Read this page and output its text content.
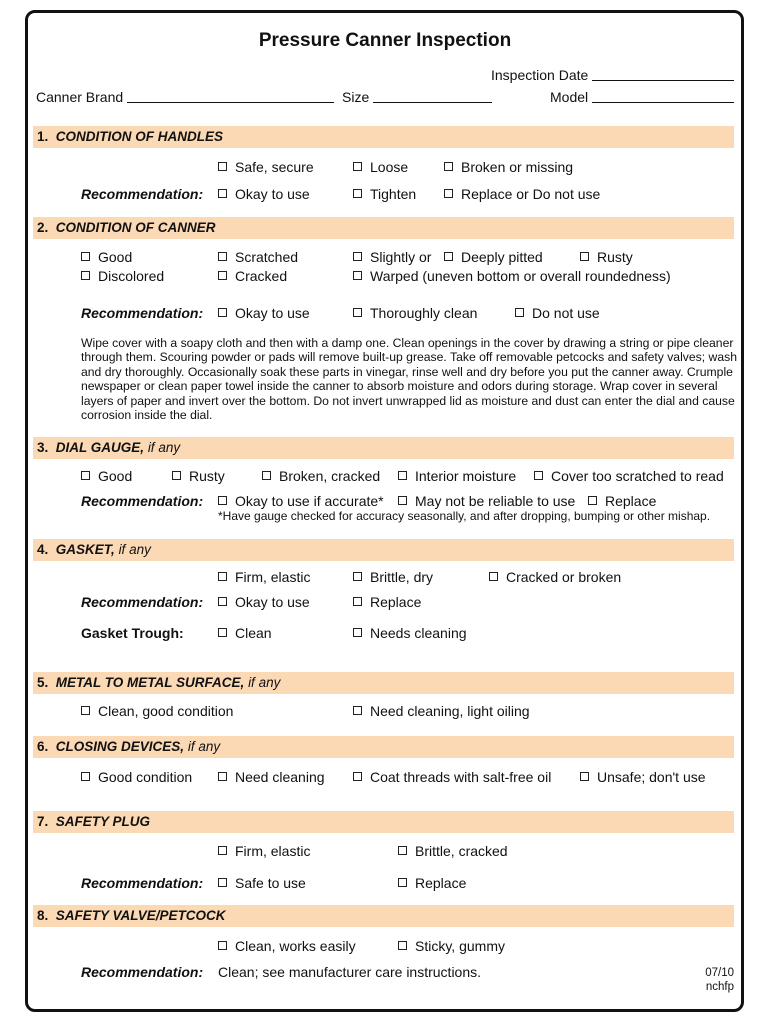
Pressure Canner Inspection
Inspection Date
Canner Brand	Size	Model
1. CONDITION OF HANDLES
Safe, secure	Loose	Broken or missing
Recommendation:	Okay to use	Tighten	Replace or Do not use
2. CONDITION OF CANNER
Good	Scratched	Slightly or	Deeply pitted	Rusty
Discolored	Cracked	Warped (uneven bottom or overall roundedness)
Recommendation:	Okay to use	Thoroughly clean	Do not use
Wipe cover with a soapy cloth and then with a damp one. Clean openings in the cover by drawing a string or pipe cleaner through them. Scouring powder or pads will remove built-up grease. Take off removable petcocks and safety valves; wash and dry thoroughly. Occasionally soak these parts in vinegar, rinse well and dry before you put the canner away. Crumple newspaper or clean paper towel inside the canner to absorb moisture and odors during storage. Wrap cover in several layers of paper and invert over the bottom. Do not invert unwrapped lid as moisture and dust can enter the dial and cause corrosion inside the dial.
3. DIAL GAUGE, if any
Good	Rusty	Broken, cracked	Interior moisture	Cover too scratched to read
Recommendation:	Okay to use if accurate*	May not be reliable to use	Replace
*Have gauge checked for accuracy seasonally, and after dropping, bumping or other mishap.
4. GASKET, if any
Firm, elastic	Brittle, dry	Cracked or broken
Recommendation:	Okay to use	Replace
Gasket Trough:	Clean	Needs cleaning
5. METAL TO METAL SURFACE, if any
Clean, good condition	Need cleaning, light oiling
6. CLOSING DEVICES, if any
Good condition	Need cleaning	Coat threads with salt-free oil	Unsafe; don't use
7. SAFETY PLUG
Firm, elastic	Brittle, cracked
Recommendation:	Safe to use	Replace
8. SAFETY VALVE/PETCOCK
Clean, works easily	Sticky, gummy
Recommendation: Clean; see manufacturer care instructions.	07/10
nchfp
